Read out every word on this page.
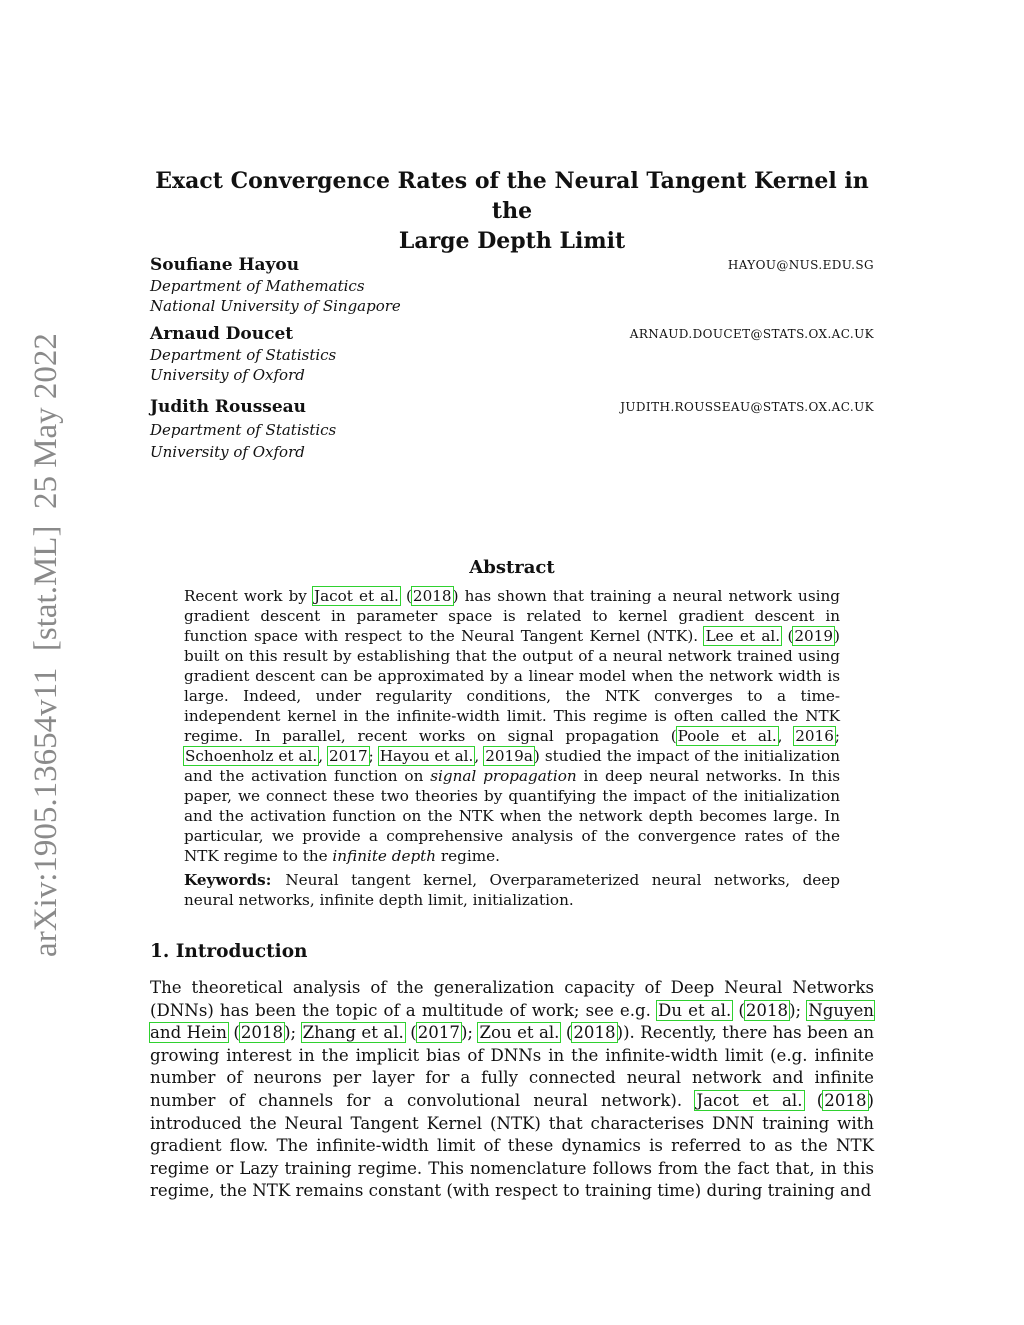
arXiv:1905.13654v11  [stat.ML]  25 May 2022
Exact Convergence Rates of the Neural Tangent Kernel in the
Large Depth Limit
Soufiane Hayou	HAYOU@NUS.EDU.SG
Department of Mathematics
National University of Singapore
Arnaud Doucet	ARNAUD.DOUCET@STATS.OX.AC.UK
Department of Statistics
University of Oxford
Judith Rousseau	JUDITH.ROUSSEAU@STATS.OX.AC.UK
Department of Statistics
University of Oxford
Abstract
Recent work by Jacot et al. (2018) has shown that training a neural network using gradient descent in parameter space is related to kernel gradient descent in function space with respect to the Neural Tangent Kernel (NTK). Lee et al. (2019) built on this result by establishing that the output of a neural network trained using gradient descent can be approximated by a linear model when the network width is large. Indeed, under regularity conditions, the NTK converges to a time-independent kernel in the infinite-width limit. This regime is often called the NTK regime. In parallel, recent works on signal propagation (Poole et al., 2016; Schoenholz et al., 2017; Hayou et al., 2019a) studied the impact of the initialization and the activation function on signal propagation in deep neural networks. In this paper, we connect these two theories by quantifying the impact of the initialization and the activation function on the NTK when the network depth becomes large. In particular, we provide a comprehensive analysis of the convergence rates of the NTK regime to the infinite depth regime.
Keywords: Neural tangent kernel, Overparameterized neural networks, deep neural networks, infinite depth limit, initialization.
1. Introduction
The theoretical analysis of the generalization capacity of Deep Neural Networks (DNNs) has been the topic of a multitude of work; see e.g. Du et al. (2018); Nguyen and Hein (2018); Zhang et al. (2017); Zou et al. (2018)). Recently, there has been an growing interest in the implicit bias of DNNs in the infinite-width limit (e.g. infinite number of neurons per layer for a fully connected neural network and infinite number of channels for a convolutional neural network). Jacot et al. (2018) introduced the Neural Tangent Kernel (NTK) that characterises DNN training with gradient flow. The infinite-width limit of these dynamics is referred to as the NTK regime or Lazy training regime. This nomenclature follows from the fact that, in this regime, the NTK remains constant (with respect to training time) during training and
